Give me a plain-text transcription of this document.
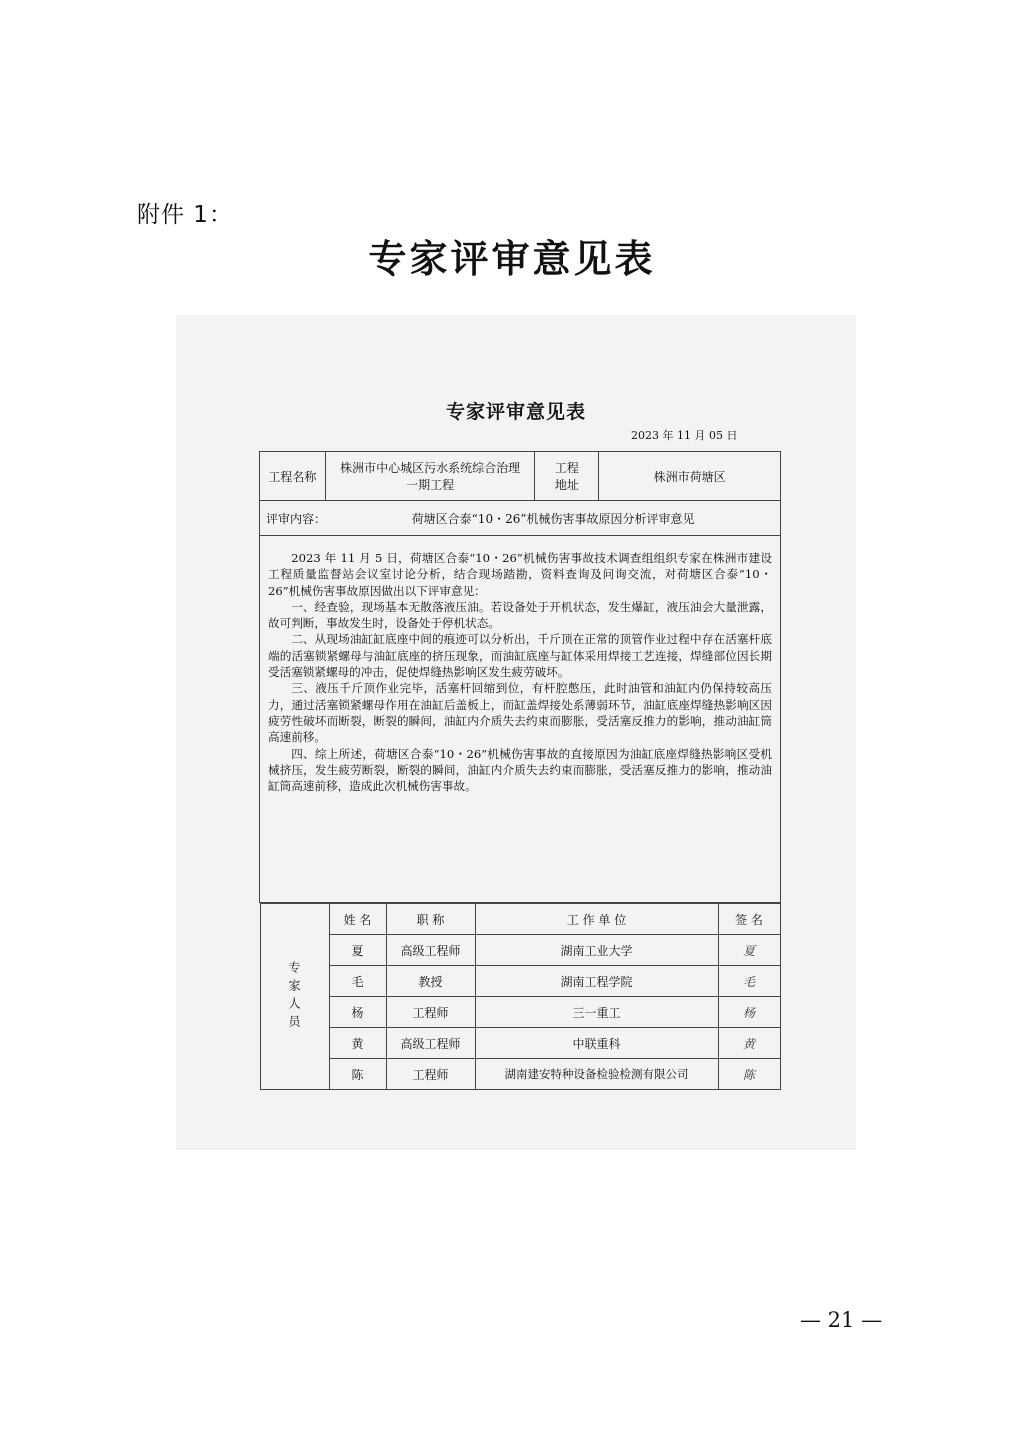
附件 1：
专家评审意见表
专家评审意见表
2023 年 11 月 05 日
工程名称	株洲市中心城区污水系统综合治理一期工程	工程地址	株洲市荷塘区
评审内容：	荷塘区合泰“10・26”机械伤害事故原因分析评审意见

2023 年 11 月 5 日，荷塘区合泰“10・26”机械伤害事故技术调查组组织专家在株洲市建设工程质量监督站会议室讨论分析，结合现场踏勘，资料查询及问询交流，对荷塘区合泰“10・26”机械伤害事故原因做出以下评审意见：

一、经查验，现场基本无散落液压油。若设备处于开机状态，发生爆缸，液压油会大量泄露，故可判断，事故发生时，设备处于停机状态。

二、从现场油缸缸底座中间的痕迹可以分析出，千斤顶在正常的顶管作业过程中存在活塞杆底端的活塞锁紧螺母与油缸底座的挤压现象，而油缸底座与缸体采用焊接工艺连接，焊缝部位因长期受活塞锁紧螺母的冲击，促使焊缝热影响区发生疲劳破坏。

三、液压千斤顶作业完毕，活塞杆回缩到位，有杆腔憋压，此时油管和油缸内仍保持较高压力，通过活塞锁紧螺母作用在油缸后盖板上，而缸盖焊接处系薄弱环节，油缸底座焊缝热影响区因疲劳性破坏而断裂，断裂的瞬间，油缸内介质失去约束而膨胀，受活塞反推力的影响，推动油缸筒高速前移。

四、综上所述，荷塘区合泰“10・26”机械伤害事故的直接原因为油缸底座焊缝热影响区受机械挤压，发生疲劳断裂，断裂的瞬间，油缸内介质失去约束而膨胀，受活塞反推力的影响，推动油缸筒高速前移，造成此次机械伤害事故。

专家人员	姓 名	职 称	工 作 单 位	签 名
夏	高级工程师	湖南工业大学	夏
毛	教授	湖南工程学院	毛
杨	工程师	三一重工	杨
黄	高级工程师	中联重科	黄
陈	工程师	湖南建安特种设备检验检测有限公司	陈
— 21 —
